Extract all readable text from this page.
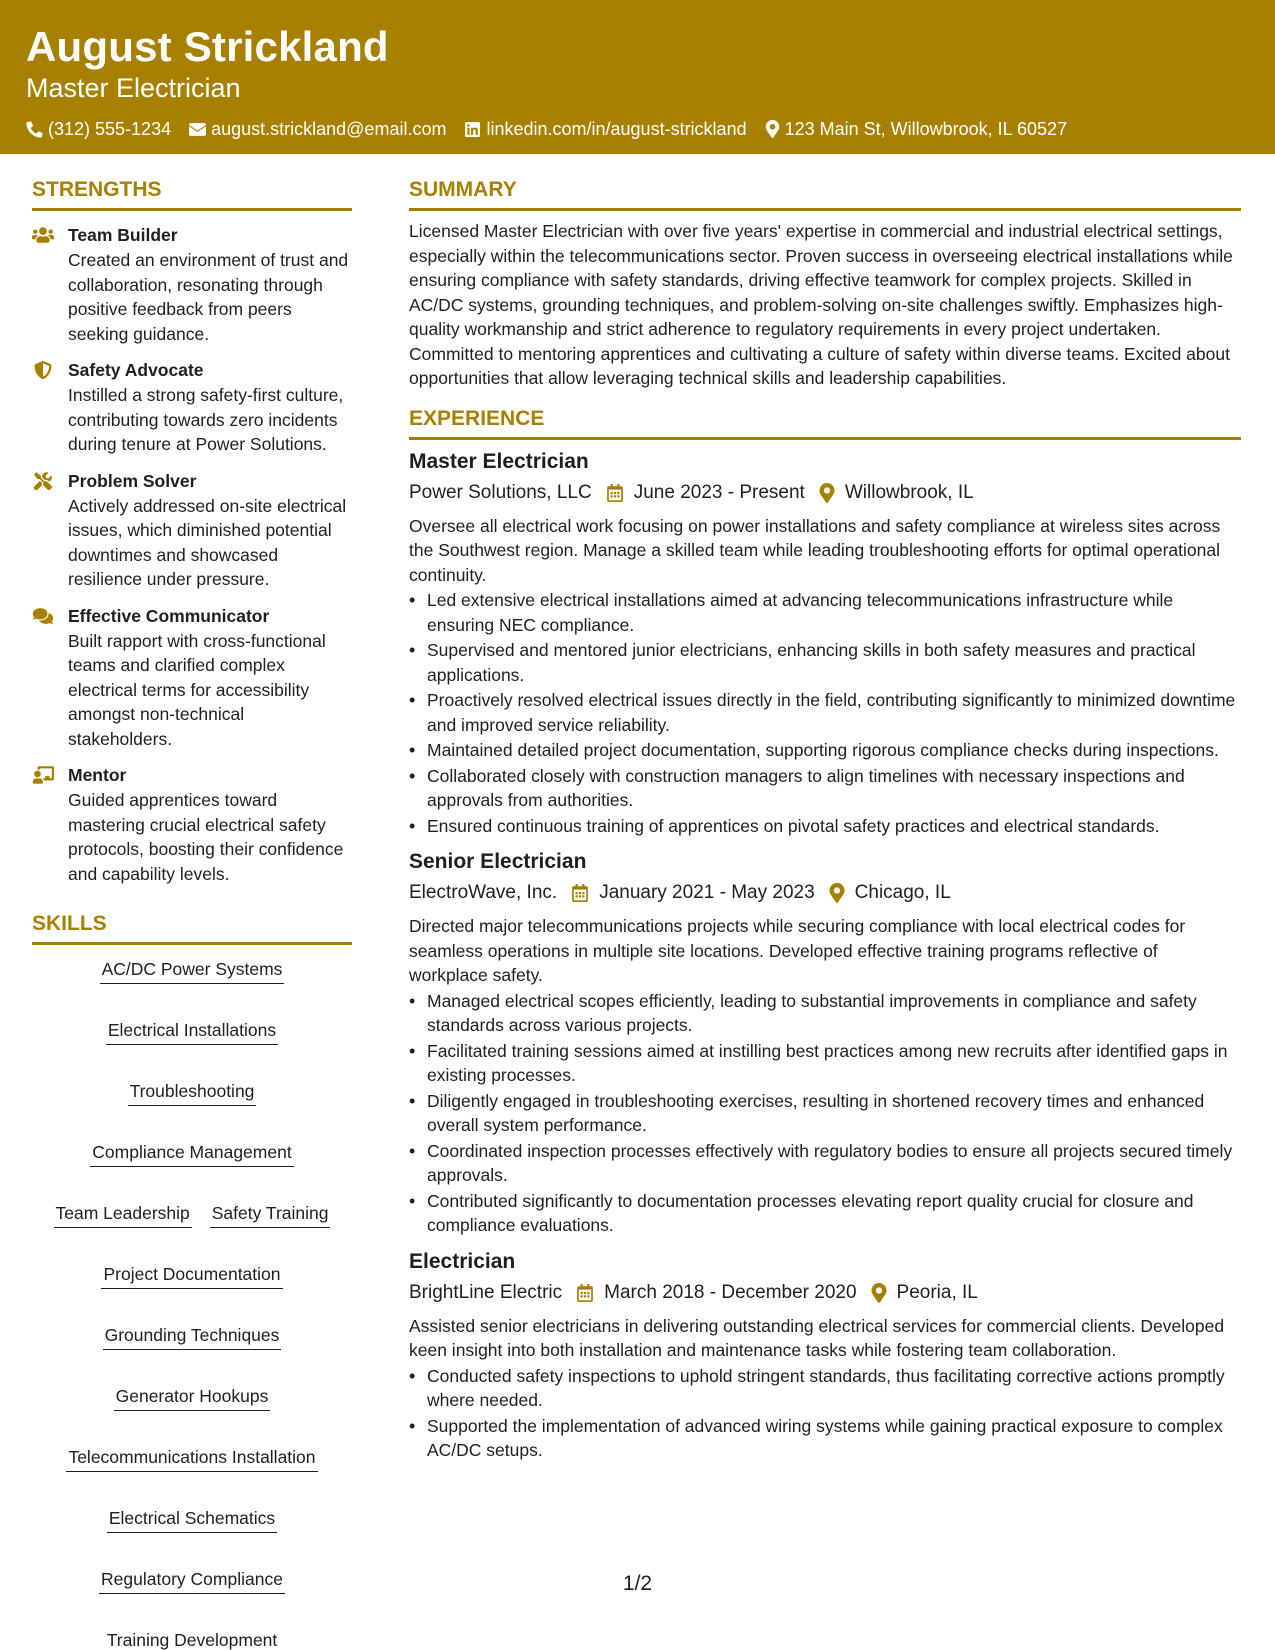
August Strickland
Master Electrician
(312) 555-1234 august.strickland@email.com linkedin.com/in/august-strickland 123 Main St, Willowbrook, IL 60527
STRENGTHS
Team Builder
Created an environment of trust and collaboration, resonating through positive feedback from peers seeking guidance.
Safety Advocate
Instilled a strong safety-first culture, contributing towards zero incidents during tenure at Power Solutions.
Problem Solver
Actively addressed on-site electrical issues, which diminished potential downtimes and showcased resilience under pressure.
Effective Communicator
Built rapport with cross-functional teams and clarified complex electrical terms for accessibility amongst non-technical stakeholders.
Mentor
Guided apprentices toward mastering crucial electrical safety protocols, boosting their confidence and capability levels.
SKILLS
AC/DC Power Systems
Electrical Installations
Troubleshooting
Compliance Management
Team Leadership Safety Training
Project Documentation
Grounding Techniques
Generator Hookups
Telecommunications Installation
Electrical Schematics
Regulatory Compliance
Training Development
SUMMARY
Licensed Master Electrician with over five years' expertise in commercial and industrial electrical settings, especially within the telecommunications sector. Proven success in overseeing electrical installations while ensuring compliance with safety standards, driving effective teamwork for complex projects. Skilled in AC/DC systems, grounding techniques, and problem-solving on-site challenges swiftly. Emphasizes high-quality workmanship and strict adherence to regulatory requirements in every project undertaken. Committed to mentoring apprentices and cultivating a culture of safety within diverse teams. Excited about opportunities that allow leveraging technical skills and leadership capabilities.
EXPERIENCE
Master Electrician
Power Solutions, LLC June 2023 - Present Willowbrook, IL
Oversee all electrical work focusing on power installations and safety compliance at wireless sites across the Southwest region. Manage a skilled team while leading troubleshooting efforts for optimal operational continuity.
• Led extensive electrical installations aimed at advancing telecommunications infrastructure while ensuring NEC compliance.
• Supervised and mentored junior electricians, enhancing skills in both safety measures and practical applications.
• Proactively resolved electrical issues directly in the field, contributing significantly to minimized downtime and improved service reliability.
• Maintained detailed project documentation, supporting rigorous compliance checks during inspections.
• Collaborated closely with construction managers to align timelines with necessary inspections and approvals from authorities.
• Ensured continuous training of apprentices on pivotal safety practices and electrical standards.
Senior Electrician
ElectroWave, Inc. January 2021 - May 2023 Chicago, IL
Directed major telecommunications projects while securing compliance with local electrical codes for seamless operations in multiple site locations. Developed effective training programs reflective of workplace safety.
• Managed electrical scopes efficiently, leading to substantial improvements in compliance and safety standards across various projects.
• Facilitated training sessions aimed at instilling best practices among new recruits after identified gaps in existing processes.
• Diligently engaged in troubleshooting exercises, resulting in shortened recovery times and enhanced overall system performance.
• Coordinated inspection processes effectively with regulatory bodies to ensure all projects secured timely approvals.
• Contributed significantly to documentation processes elevating report quality crucial for closure and compliance evaluations.
Electrician
BrightLine Electric March 2018 - December 2020 Peoria, IL
Assisted senior electricians in delivering outstanding electrical services for commercial clients. Developed keen insight into both installation and maintenance tasks while fostering team collaboration.
• Conducted safety inspections to uphold stringent standards, thus facilitating corrective actions promptly where needed.
• Supported the implementation of advanced wiring systems while gaining practical exposure to complex AC/DC setups.
1/2
